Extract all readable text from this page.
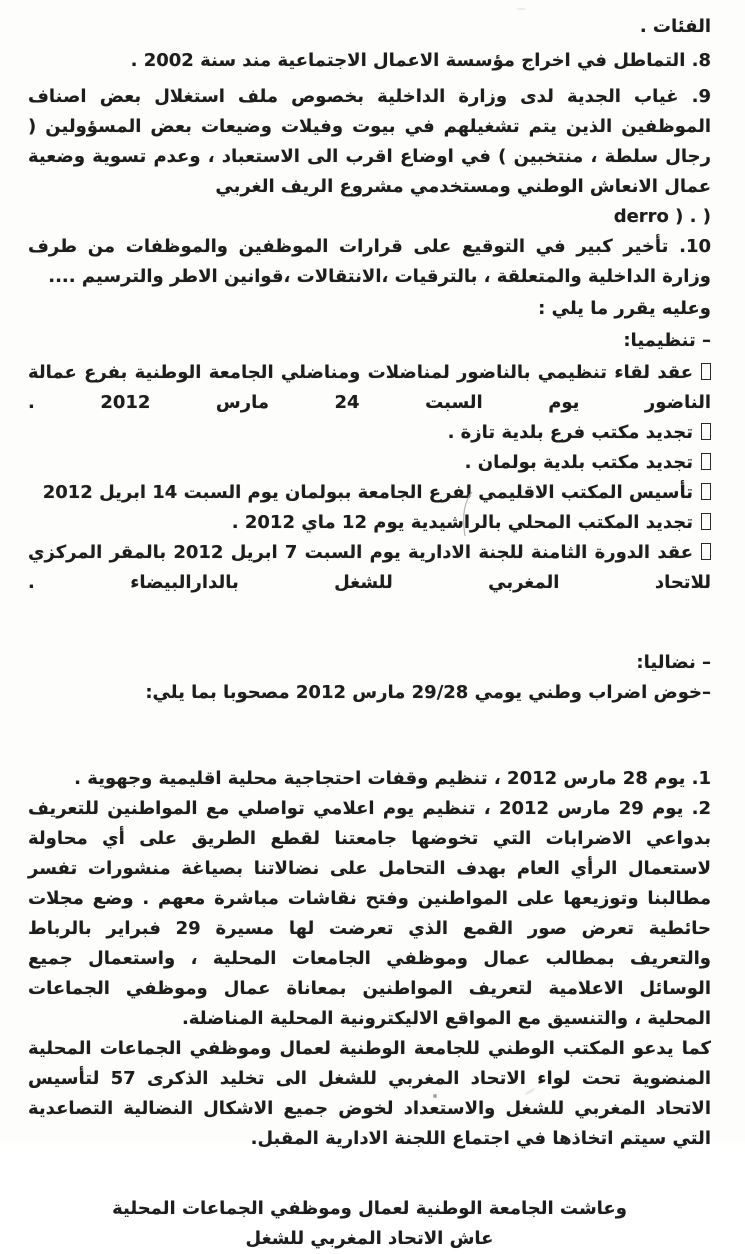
الفئات .
8. التماطل في اخراج مؤسسة الاعمال الاجتماعية مند سنة 2002 .
9. غياب الجدية لدى وزارة الداخلية بخصوص ملف استغلال بعض اصناف الموظفين الذين يتم تشغيلهم في بيوت وفيلات وضيعات بعض المسؤولين ( رجال سلطة ، منتخبين ) في اوضاع اقرب الى الاستعباد ، وعدم تسوية وضعية عمال الانعاش الوطني ومستخدمي مشروع الريف الغربي
derro ) . )
10. تأخير كبير في التوقيع على قرارات الموظفين والموظفات من طرف وزارة الداخلية والمتعلقة ، بالترقيات ،الانتقالات ،قوانين الاطر والترسيم ....
وعليه يقرر ما يلي :
– تنظيميا:
عقد لقاء تنظيمي بالناضور لمناضلات ومناضلي الجامعة الوطنية بفرع عمالة الناضور يوم السبت 24 مارس 2012 .
تجديد مكتب فرع بلدية تازة .
تجديد مكتب بلدية بولمان .
تأسيس المكتب الاقليمي لفرع الجامعة ببولمان يوم السبت 14 ابريل 2012
تجديد المكتب المحلي بالراشيدية يوم 12 ماي 2012 .
عقد الدورة الثامنة للجنة الادارية يوم السبت 7 ابريل 2012 بالمقر المركزي للاتحاد المغربي للشغل بالدارالبيضاء .
– نضاليا:
–خوض اضراب وطني يومي 29/28 مارس 2012 مصحوبا بما يلي:
1. يوم 28 مارس 2012 ، تنظيم وقفات احتجاجية محلية اقليمية وجهوية .
2. يوم 29 مارس 2012 ، تنظيم يوم اعلامي تواصلي مع المواطنين للتعريف بدواعي الاضرابات التي تخوضها جامعتنا لقطع الطريق على أي محاولة لاستعمال الرأي العام بهدف التحامل على نضالاتنا بصياغة منشورات تفسر مطالبنا وتوزيعها على المواطنين وفتح نقاشات مباشرة معهم . وضع مجلات حائطية تعرض صور القمع الذي تعرضت لها مسيرة 29 فبراير بالرباط والتعريف بمطالب عمال وموظفي الجامعات المحلية ، واستعمال جميع الوسائل الاعلامية لتعريف المواطنين بمعاناة عمال وموظفي الجماعات المحلية ، والتنسيق مع المواقع الاليكترونية المحلية المناضلة.
كما يدعو المكتب الوطني للجامعة الوطنية لعمال وموظفي الجماعات المحلية المنضوية تحت لواء الاتحاد المغربي للشغل الى تخليد الذكرى 57 لتأسيس الاتحاد المغربي للشغل والاستعداد لخوض جميع الاشكال النضالية التصاعدية التي سيتم اتخاذها في اجتماع اللجنة الادارية المقبل.
وعاشت الجامعة الوطنية لعمال وموظفي الجماعات المحلية
عاش الاتحاد المغربي للشغل
